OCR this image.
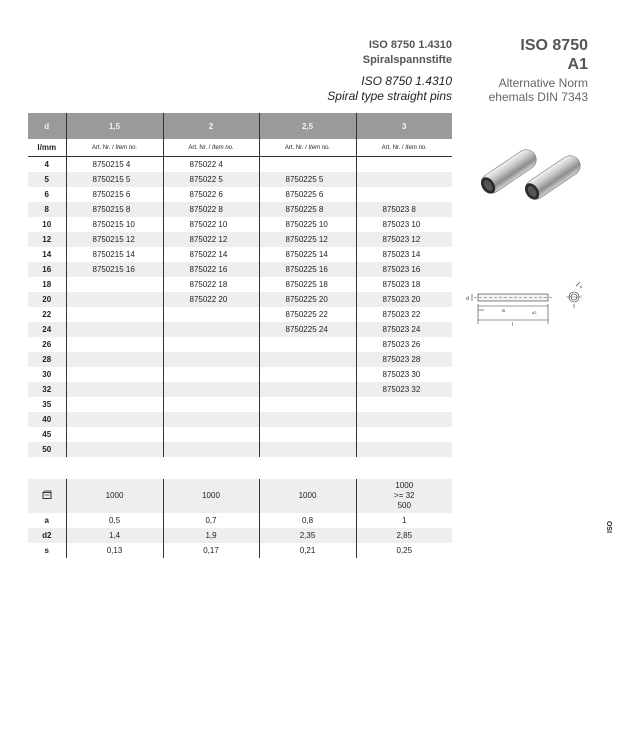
ISO 8750 1.4310
Spiralspannstifte
ISO 8750 1.4310
Spiral type straight pins
ISO 8750
A1
Alternative Norm
ehemals DIN 7343
d	1,5	2	2,5	3
l/mm	Art. Nr. / Item no.	Art. Nr. / Item no.	Art. Nr. / Item no.	Art. Nr. / Item no.
4	8750215 4	875022 4		
5	8750215 5	875022 5	8750225 5	
6	8750215 6	875022 6	8750225 6	
8	8750215 8	875022 8	8750225 8	875023 8
10	8750215 10	875022 10	8750225 10	875023 10
12	8750215 12	875022 12	8750225 12	875023 12
14	8750215 14	875022 14	8750225 14	875023 14
16	8750215 16	875022 16	8750225 16	875023 16
18		875022 18	8750225 18	875023 18
20		875022 20	8750225 20	875023 20
22			8750225 22	875023 22
24			8750225 24	875023 24
26				875023 26
28				875023 28
30				875023 30
32				875023 32
35				
40				
45				
50				
	1000	1000	1000	1000
>= 32
500
a	0,5	0,7	0,8	1
d2	1,4	1,9	2,35	2,85
s	0,13	0,17	0,21	0,25
d
a
l
d2
s
ISO
